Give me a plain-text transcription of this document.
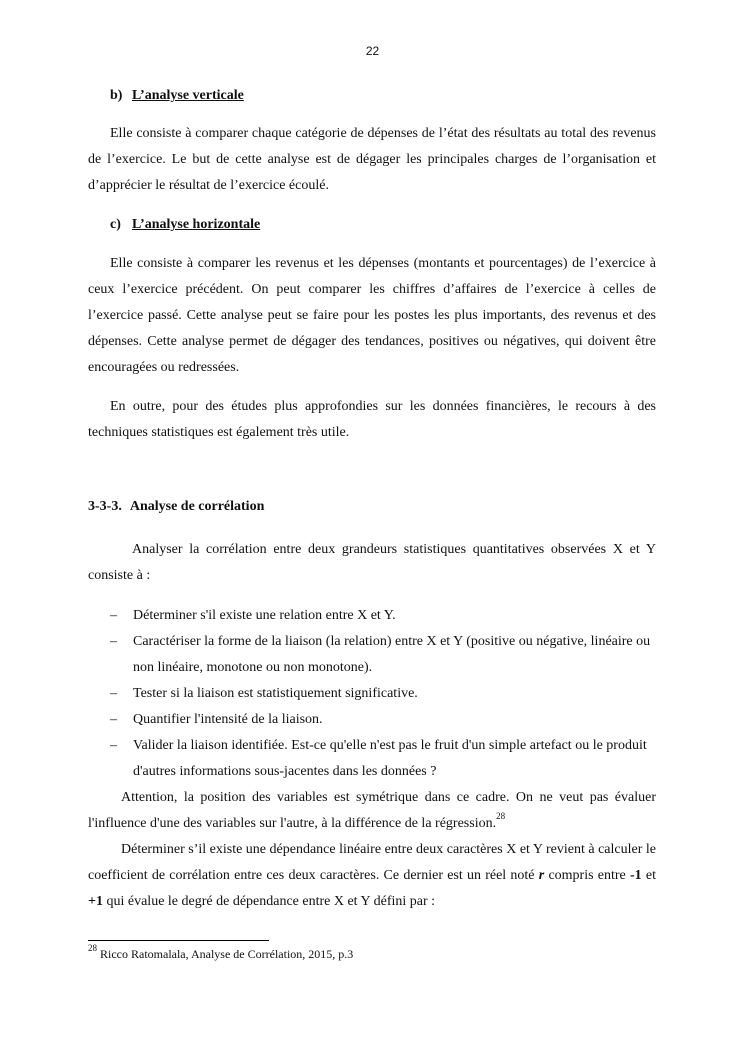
22
b) L’analyse verticale

Elle consiste à comparer chaque catégorie de dépenses de l’état des résultats au total des revenus de l’exercice. Le but de cette analyse est de dégager les principales charges de l’organisation et d’apprécier le résultat de l’exercice écoulé.

c) L’analyse horizontale

Elle consiste à comparer les revenus et les dépenses (montants et pourcentages) de l’exercice à ceux l’exercice précédent. On peut comparer les chiffres d’affaires de l’exercice à celles de l’exercice passé. Cette analyse peut se faire pour les postes les plus importants, des revenus et des dépenses. Cette analyse permet de dégager des tendances, positives ou négatives, qui doivent être encouragées ou redressées.

En outre, pour des études plus approfondies sur les données financières, le recours à des techniques statistiques est également très utile.

3-3-3. Analyse de corrélation

Analyser la corrélation entre deux grandeurs statistiques quantitatives observées X et Y consiste à :

– Déterminer s'il existe une relation entre X et Y.
– Caractériser la forme de la liaison (la relation) entre X et Y (positive ou négative, linéaire ou non linéaire, monotone ou non monotone).
– Tester si la liaison est statistiquement significative.
– Quantifier l'intensité de la liaison.
– Valider la liaison identifiée. Est-ce qu'elle n'est pas le fruit d'un simple artefact ou le produit d'autres informations sous-jacentes dans les données ?

Attention, la position des variables est symétrique dans ce cadre. On ne veut pas évaluer l'influence d'une des variables sur l'autre, à la différence de la régression.$^{28}$

Déterminer s’il existe une dépendance linéaire entre deux caractères X et Y revient à calculer le coefficient de corrélation entre ces deux caractères. Ce dernier est un réel noté r compris entre -1 et +1 qui évalue le degré de dépendance entre X et Y défini par :

$^{28}$ Ricco Ratomalala, Analyse de Corrélation, 2015, p.3
